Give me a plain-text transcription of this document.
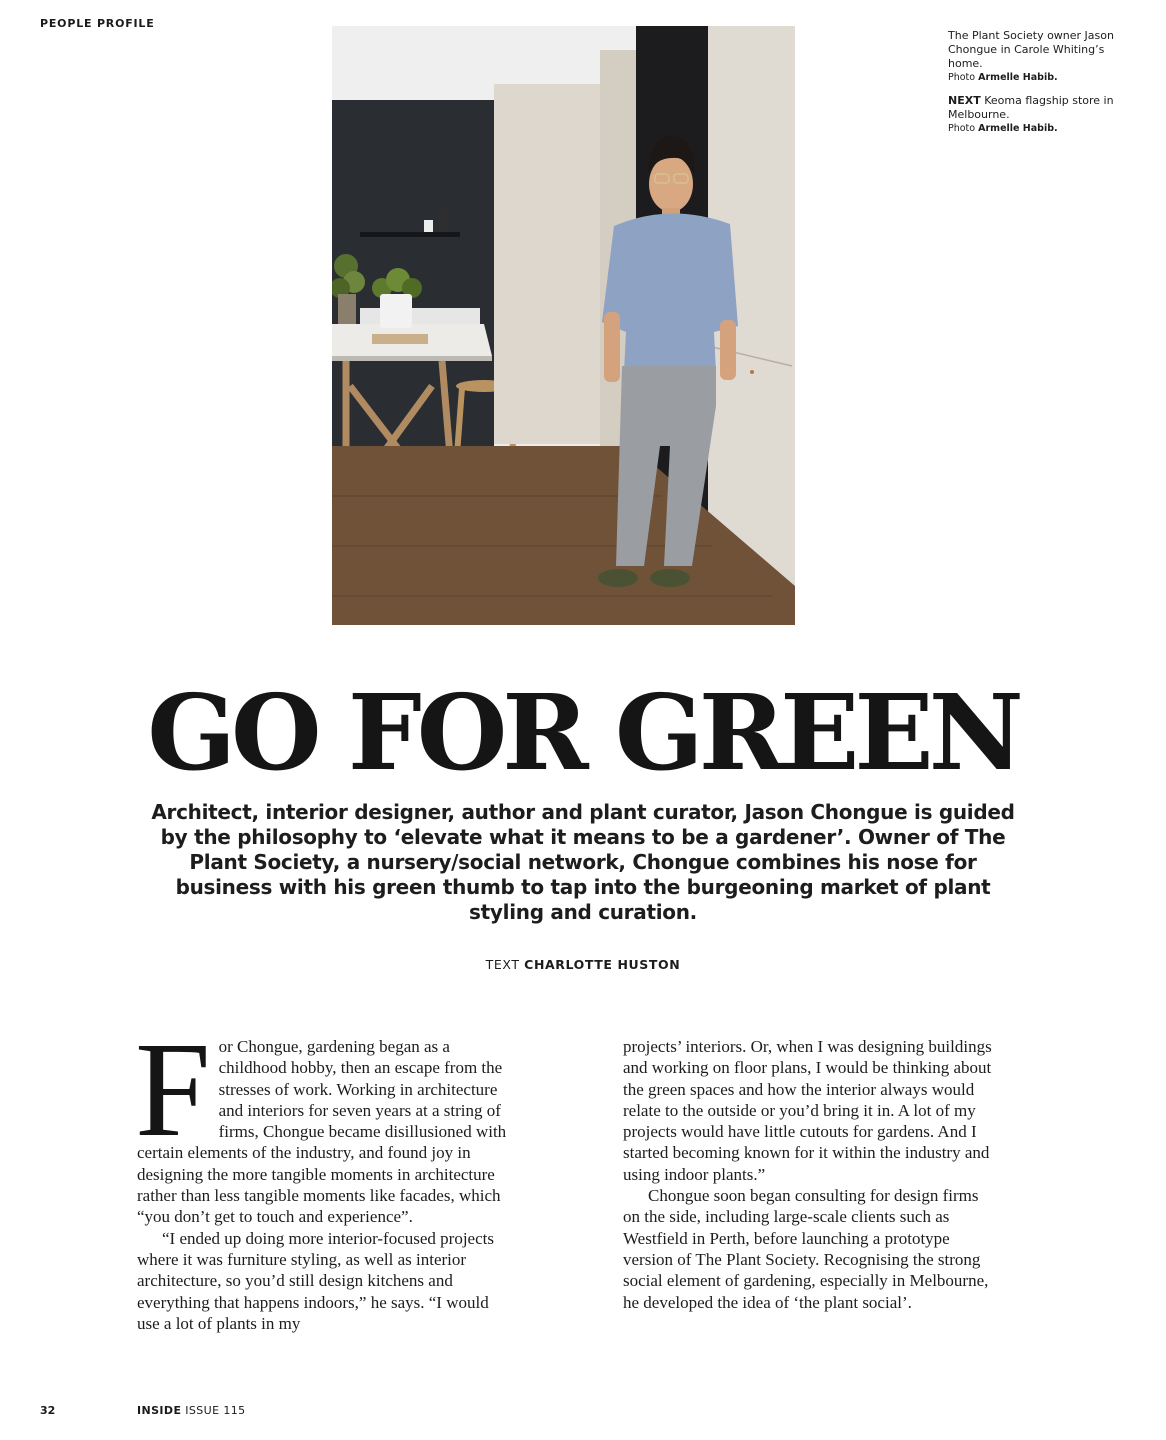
PEOPLE PROFILE

The Plant Society owner Jason Chongue in Carole Whiting’s home.
Photo Armelle Habib.

NEXT Keoma flagship store in Melbourne.
Photo Armelle Habib.

GO FOR GREEN

Architect, interior designer, author and plant curator, Jason Chongue is guided by the philosophy to ‘elevate what it means to be a gardener’. Owner of The Plant Society, a nursery/social network, Chongue combines his nose for business with his green thumb to tap into the burgeoning market of plant styling and curation.

TEXT CHARLOTTE HUSTON

For Chongue, gardening began as a childhood hobby, then an escape from the stresses of work. Working in architecture and interiors for seven years at a string of firms, Chongue became disillusioned with certain elements of the industry, and found joy in designing the more tangible moments in architecture rather than less tangible moments like facades, which “you don’t get to touch and experience”.

“I ended up doing more interior-focused projects where it was furniture styling, as well as interior architecture, so you’d still design kitchens and everything that happens indoors,” he says. “I would use a lot of plants in my

projects’ interiors. Or, when I was designing buildings and working on floor plans, I would be thinking about the green spaces and how the interior always would relate to the outside or you’d bring it in. A lot of my projects would have little cutouts for gardens. And I started becoming known for it within the industry and using indoor plants.”

Chongue soon began consulting for design firms on the side, including large-scale clients such as Westfield in Perth, before launching a prototype version of The Plant Society. Recognising the strong social element of gardening, especially in Melbourne, he developed the idea of ‘the plant social’.

32	INSIDE ISSUE 115
